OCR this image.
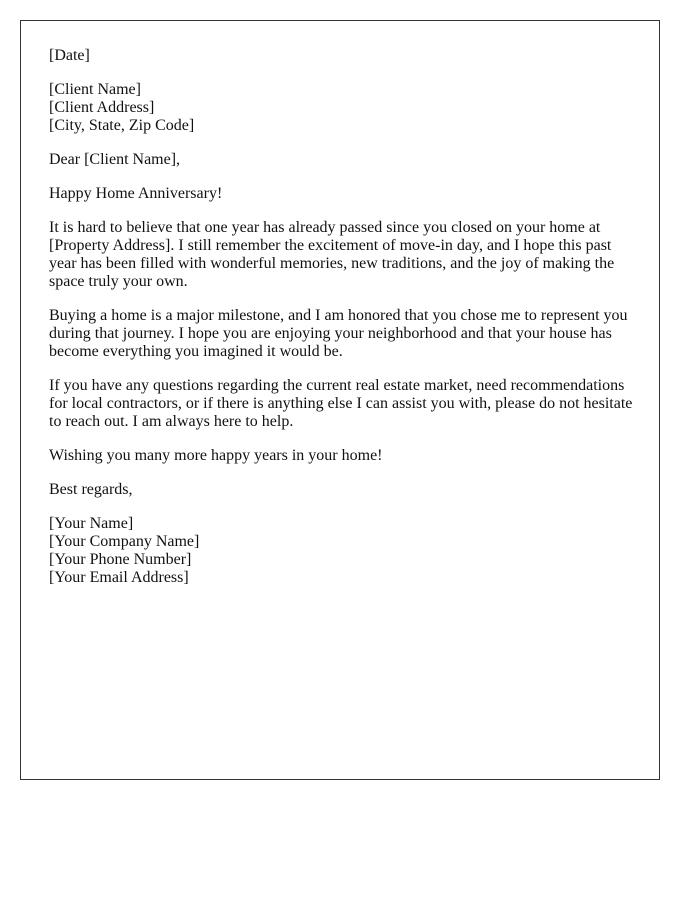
[Date]
[Client Name]
[Client Address]
[City, State, Zip Code]
Dear [Client Name],
Happy Home Anniversary!
It is hard to believe that one year has already passed since you closed on your home at
[Property Address]. I still remember the excitement of move-in day, and I hope this past
year has been filled with wonderful memories, new traditions, and the joy of making the
space truly your own.
Buying a home is a major milestone, and I am honored that you chose me to represent you
during that journey. I hope you are enjoying your neighborhood and that your house has
become everything you imagined it would be.
If you have any questions regarding the current real estate market, need recommendations
for local contractors, or if there is anything else I can assist you with, please do not hesitate
to reach out. I am always here to help.
Wishing you many more happy years in your home!
Best regards,
[Your Name]
[Your Company Name]
[Your Phone Number]
[Your Email Address]
